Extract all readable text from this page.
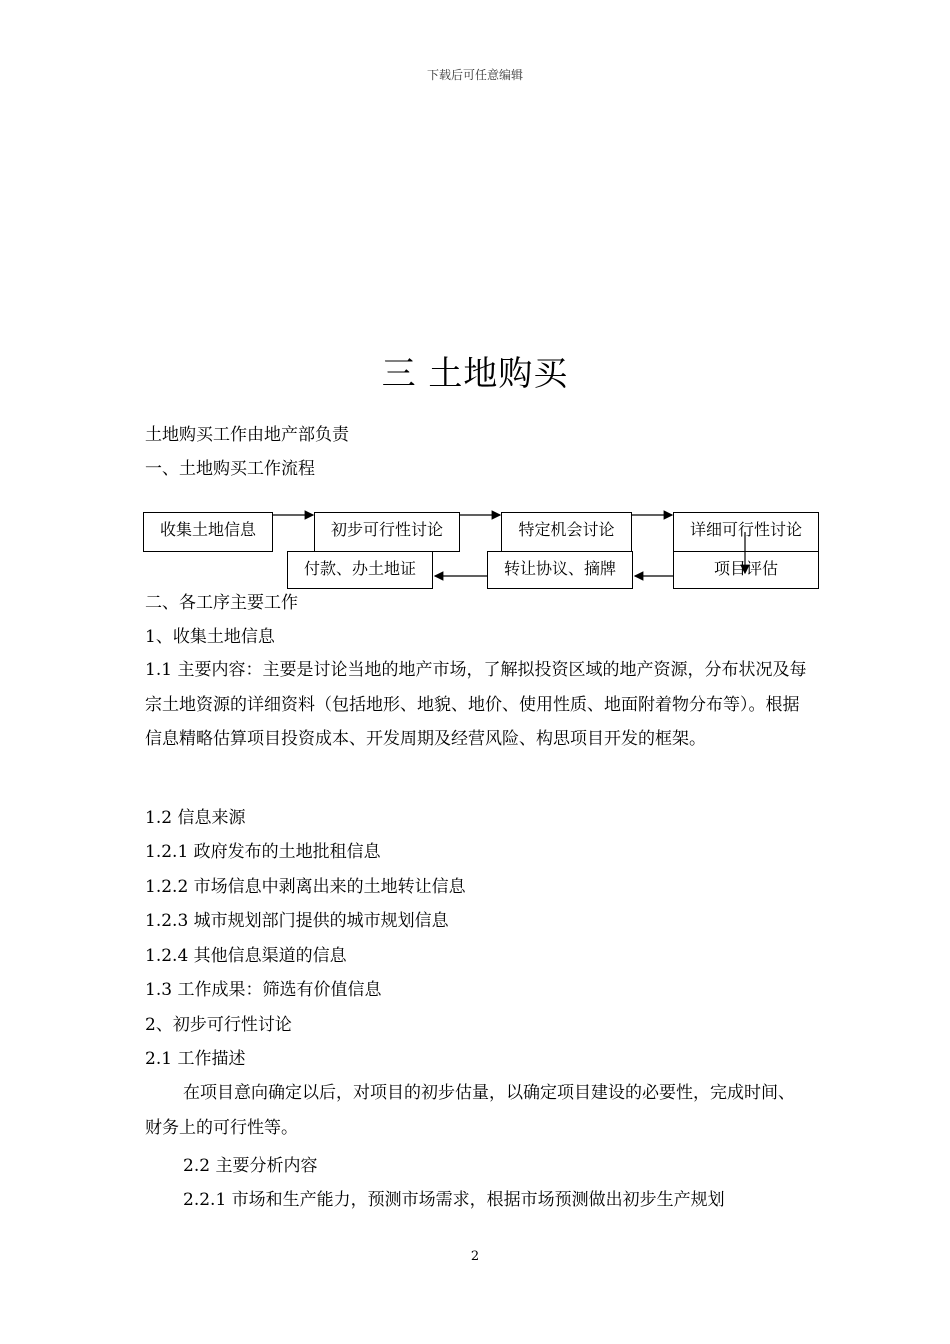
下载后可任意编辑
三 土地购买
土地购买工作由地产部负责
一、土地购买工作流程
收集土地信息	初步可行性讨论	特定机会讨论	详细可行性讨论
付款、办土地证	转让协议、摘牌	项目评估
二、各工序主要工作
1、收集土地信息
1.1 主要内容：主要是讨论当地的地产市场，了解拟投资区域的地产资源，分布状况及每宗土地资源的详细资料（包括地形、地貌、地价、使用性质、地面附着物分布等）。根据信息精略估算项目投资成本、开发周期及经营风险、构思项目开发的框架。
1.2 信息来源
1.2.1 政府发布的土地批租信息
1.2.2 市场信息中剥离出来的土地转让信息
1.2.3 城市规划部门提供的城市规划信息
1.2.4 其他信息渠道的信息
1.3 工作成果：筛选有价值信息
2、初步可行性讨论
2.1 工作描述
在项目意向确定以后，对项目的初步估量，以确定项目建设的必要性，完成时间、财务上的可行性等。
2.2 主要分析内容
2.2.1 市场和生产能力，预测市场需求，根据市场预测做出初步生产规划
2
